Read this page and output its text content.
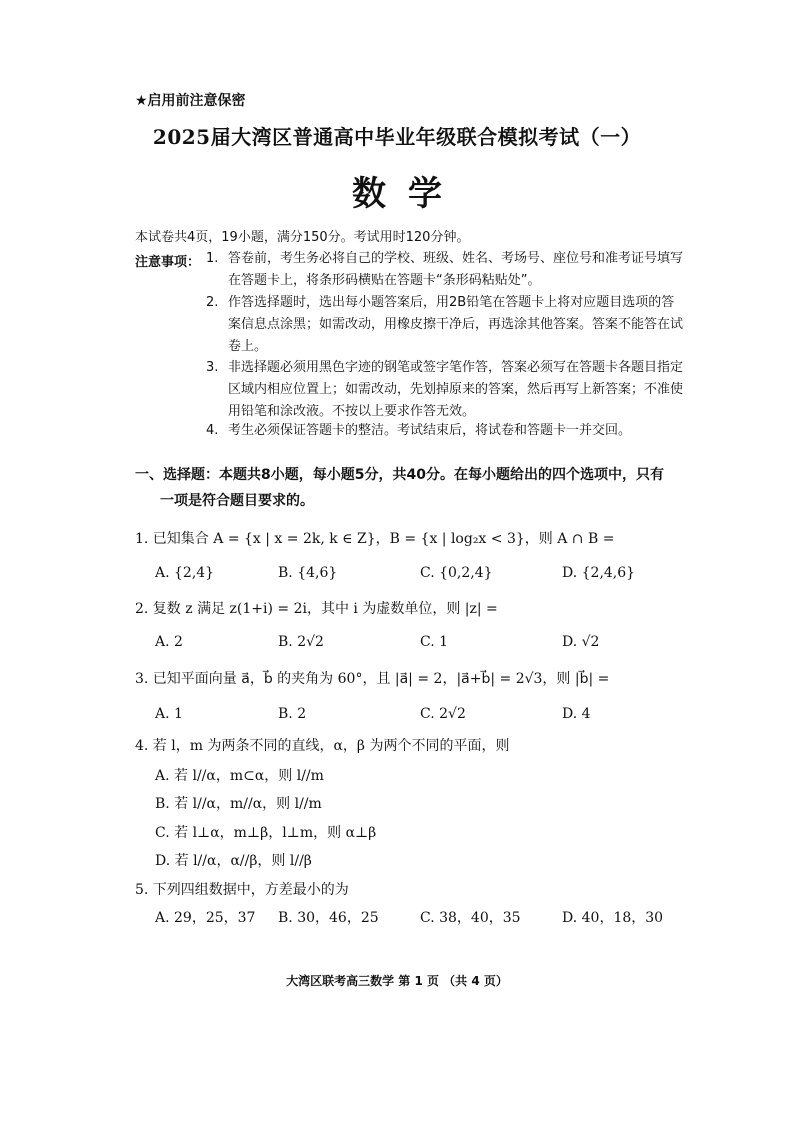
★启用前注意保密
2025届大湾区普通高中毕业年级联合模拟考试（一）
数学
本试卷共4页，19小题，满分150分。考试用时120分钟。
注意事项： 1. 答卷前，考生务必将自己的学校、班级、姓名、考场号、座位号和准考证号填写在答题卡上，将条形码横贴在答题卡“条形码粘贴处”。
2. 作答选择题时，选出每小题答案后，用2B铅笔在答题卡上将对应题目选项的答案信息点涂黑；如需改动，用橡皮擦干净后，再选涂其他答案。答案不能答在试卷上。
3. 非选择题必须用黑色字迹的钢笔或签字笔作答，答案必须写在答题卡各题目指定区域内相应位置上；如需改动，先划掉原来的答案，然后再写上新答案；不准使用铅笔和涂改液。不按以上要求作答无效。
4. 考生必须保证答题卡的整洁。考试结束后，将试卷和答题卡一并交回。
一、选择题：本题共8小题，每小题5分，共40分。在每小题给出的四个选项中，只有
一项是符合题目要求的。
1. 已知集合 A = {x | x = 2k, k ∈ Z}，B = {x | log₂x < 3}，则 A ∩ B =
A. {2,4}	B. {4,6}	C. {0,2,4}	D. {2,4,6}
2. 复数 z 满足 z(1+i) = 2i，其中 i 为虚数单位，则 |z| =
A. 2	B. 2√2	C. 1	D. √2
3. 已知平面向量 a⃗，b⃗ 的夹角为 60°，且 |a⃗| = 2，|a⃗+b⃗| = 2√3，则 |b⃗| =
A. 1	B. 2	C. 2√2	D. 4
4. 若 l，m 为两条不同的直线，α，β 为两个不同的平面，则
A. 若 l//α，m⊂α，则 l//m
B. 若 l//α，m//α，则 l//m
C. 若 l⊥α，m⊥β，l⊥m，则 α⊥β
D. 若 l//α，α//β，则 l//β
5. 下列四组数据中，方差最小的为
A. 29，25，37 B. 30，46，25	C. 38，40，35	D. 40，18，30
大湾区联考高三数学 第 1 页 （共 4 页）
